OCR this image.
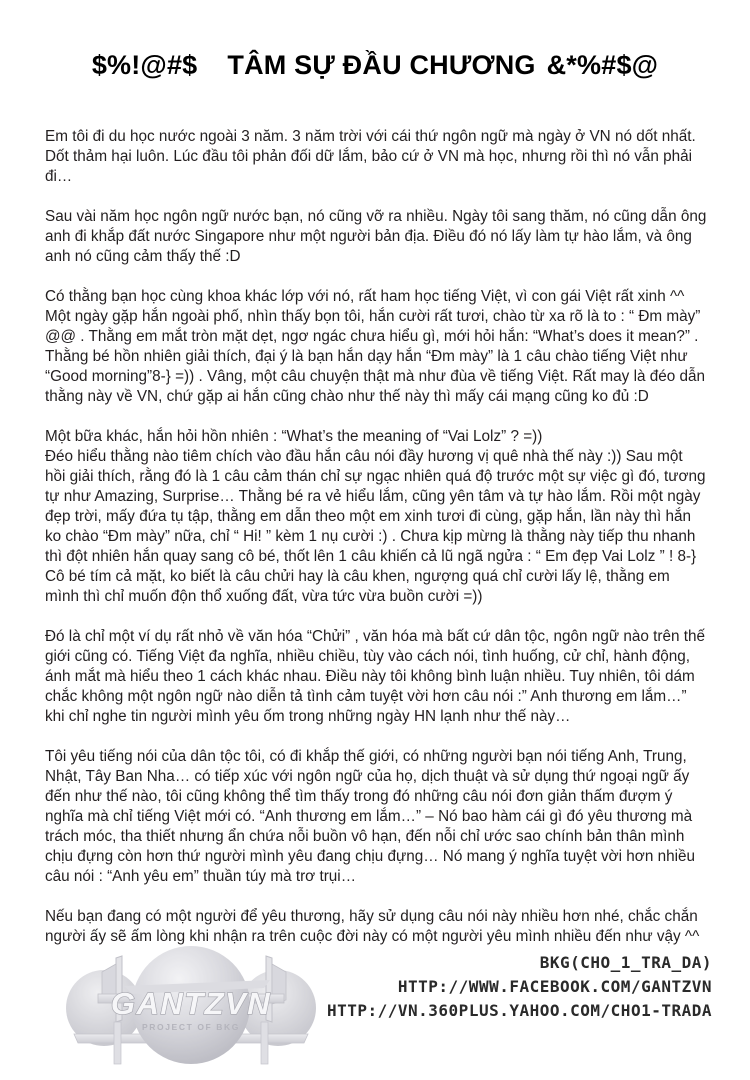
$%!@#$ TÂM SỰ ĐẦU CHƯƠNG &*%#$@

Em tôi đi du học nước ngoài 3 năm. 3 năm trời với cái thứ ngôn ngữ mà ngày ở VN nó dốt nhất. Dốt thảm hại luôn. Lúc đầu tôi phản đối dữ lắm, bảo cứ ở VN mà học, nhưng rồi thì nó vẫn phải đi…

Sau vài năm học ngôn ngữ nước bạn, nó cũng vỡ ra nhiều. Ngày tôi sang thăm, nó cũng dẫn ông anh đi khắp đất nước Singapore như một người bản địa. Điều đó nó lấy làm tự hào lắm, và ông anh nó cũng cảm thấy thế :D

Có thằng bạn học cùng khoa khác lớp với nó, rất ham học tiếng Việt, vì con gái Việt rất xinh ^^ Một ngày gặp hắn ngoài phố, nhìn thấy bọn tôi, hắn cười rất tươi, chào từ xa rõ là to : “ Đm mày” @@ . Thằng em mắt tròn mặt dẹt, ngơ ngác chưa hiểu gì, mới hỏi hắn: “What’s does it mean?” . Thằng bé hồn nhiên giải thích, đại ý là bạn hắn dạy hắn “Đm mày” là 1 câu chào tiếng Việt như “Good morning”8-} =)) . Vâng, một câu chuyện thật mà như đùa về tiếng Việt. Rất may là đéo dẫn thằng này về VN, chứ gặp ai hắn cũng chào như thế này thì mấy cái mạng cũng ko đủ :D

Một bữa khác, hắn hỏi hồn nhiên : “What’s the meaning of “Vai Lolz” ? =))
Đéo hiểu thằng nào tiêm chích vào đầu hắn câu nói đầy hương vị quê nhà thế này :)) Sau một hồi giải thích, rằng đó là 1 câu cảm thán chỉ sự ngạc nhiên quá độ trước một sự việc gì đó, tương tự như Amazing, Surprise… Thằng bé ra vẻ hiểu lắm, cũng yên tâm và tự hào lắm. Rồi một ngày đẹp trời, mấy đứa tụ tập, thằng em dẫn theo một em xinh tươi đi cùng, gặp hắn, lần này thì hắn ko chào “Đm mày” nữa, chỉ “ Hi! ” kèm 1 nụ cười :) . Chưa kịp mừng là thằng này tiếp thu nhanh thì đột nhiên hắn quay sang cô bé, thốt lên 1 câu khiến cả lũ ngã ngửa : “ Em đẹp Vai Lolz ” ! 8-} Cô bé tím cả mặt, ko biết là câu chửi hay là câu khen, ngượng quá chỉ cười lấy lệ, thằng em mình thì chỉ muốn độn thổ xuống đất, vừa tức vừa buồn cười =))

Đó là chỉ một ví dụ rất nhỏ về văn hóa “Chửi” , văn hóa mà bất cứ dân tộc, ngôn ngữ nào trên thế giới cũng có. Tiếng Việt đa nghĩa, nhiều chiều, tùy vào cách nói, tình huống, cử chỉ, hành động, ánh mắt mà hiểu theo 1 cách khác nhau. Điều này tôi không bình luận nhiều. Tuy nhiên, tôi dám chắc không một ngôn ngữ nào diễn tả tình cảm tuyệt vời hơn câu nói :” Anh thương em lắm…” khi chỉ nghe tin người mình yêu ốm trong những ngày HN lạnh như thế này…

Tôi yêu tiếng nói của dân tộc tôi, có đi khắp thế giới, có những người bạn nói tiếng Anh, Trung, Nhật, Tây Ban Nha… có tiếp xúc với ngôn ngữ của họ, dịch thuật và sử dụng thứ ngoại ngữ ấy đến như thế nào, tôi cũng không thể tìm thấy trong đó những câu nói đơn giản thấm đượm ý nghĩa mà chỉ tiếng Việt mới có. “Anh thương em lắm…” – Nó bao hàm cái gì đó yêu thương mà trách móc, tha thiết nhưng ẩn chứa nỗi buồn vô hạn, đến nỗi chỉ ước sao chính bản thân mình chịu đựng còn hơn thứ người mình yêu đang chịu đựng… Nó mang ý nghĩa tuyệt vời hơn nhiều câu nói : “Anh yêu em” thuần túy mà trơ trụi…

Nếu bạn đang có một người để yêu thương, hãy sử dụng câu nói này nhiều hơn nhé, chắc chắn người ấy sẽ ấm lòng khi nhận ra trên cuộc đời này có một người yêu mình nhiều đến như vậy ^^

GANTZVN
PROJECT OF BKG
BKG(CHO_1_TRA_DA)
HTTP://WWW.FACEBOOK.COM/GANTZVN
HTTP://VN.360PLUS.YAHOO.COM/CHO1-TRADA
